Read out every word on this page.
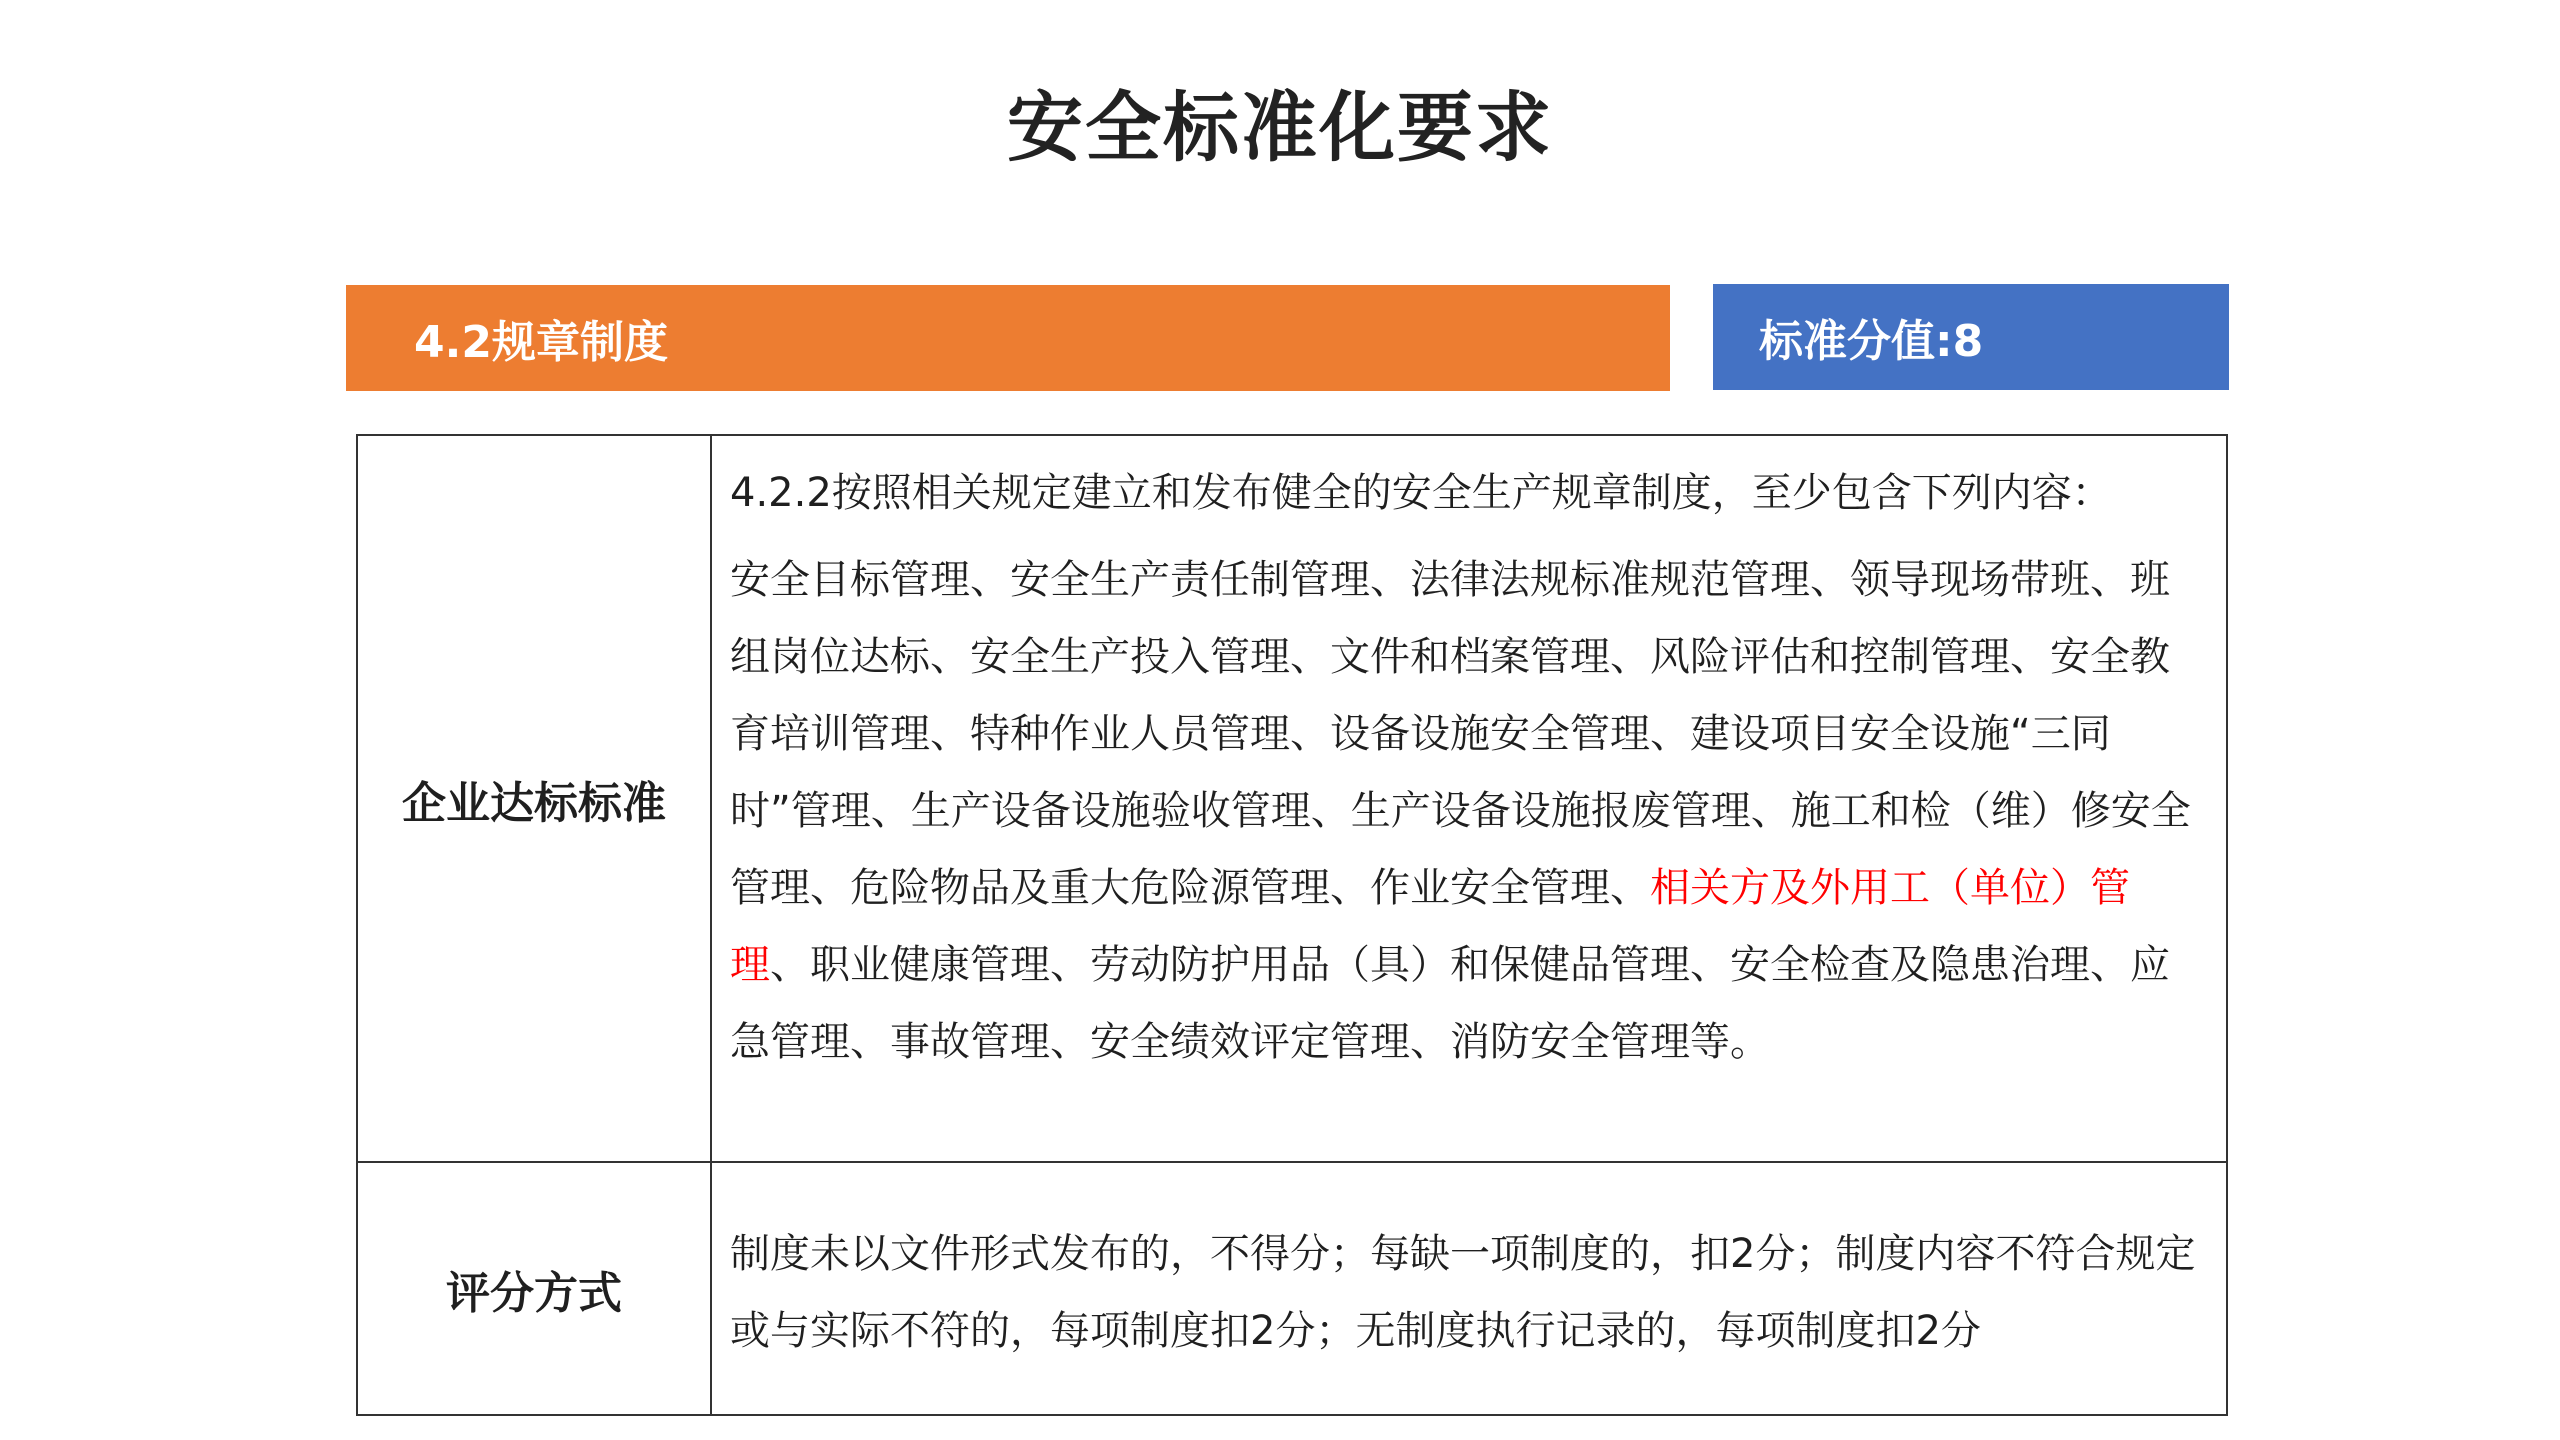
安全标准化要求
4.2规章制度	标准分值:8
企业达标标准	4.2.2按照相关规定建立和发布健全的安全生产规章制度，至少包含下列内容：
安全目标管理、安全生产责任制管理、法律法规标准规范管理、领导现场带班、班组岗位达标、安全生产投入管理、文件和档案管理、风险评估和控制管理、安全教育培训管理、特种作业人员管理、设备设施安全管理、建设项目安全设施“三同时”管理、生产设备设施验收管理、生产设备设施报废管理、施工和检（维）修安全管理、危险物品及重大危险源管理、作业安全管理、相关方及外用工（单位）管理、职业健康管理、劳动防护用品（具）和保健品管理、安全检查及隐患治理、应急管理、事故管理、安全绩效评定管理、消防安全管理等。

评分方式	制度未以文件形式发布的，不得分；每缺一项制度的，扣2分；制度内容不符合规定或与实际不符的，每项制度扣2分；无制度执行记录的，每项制度扣2分
